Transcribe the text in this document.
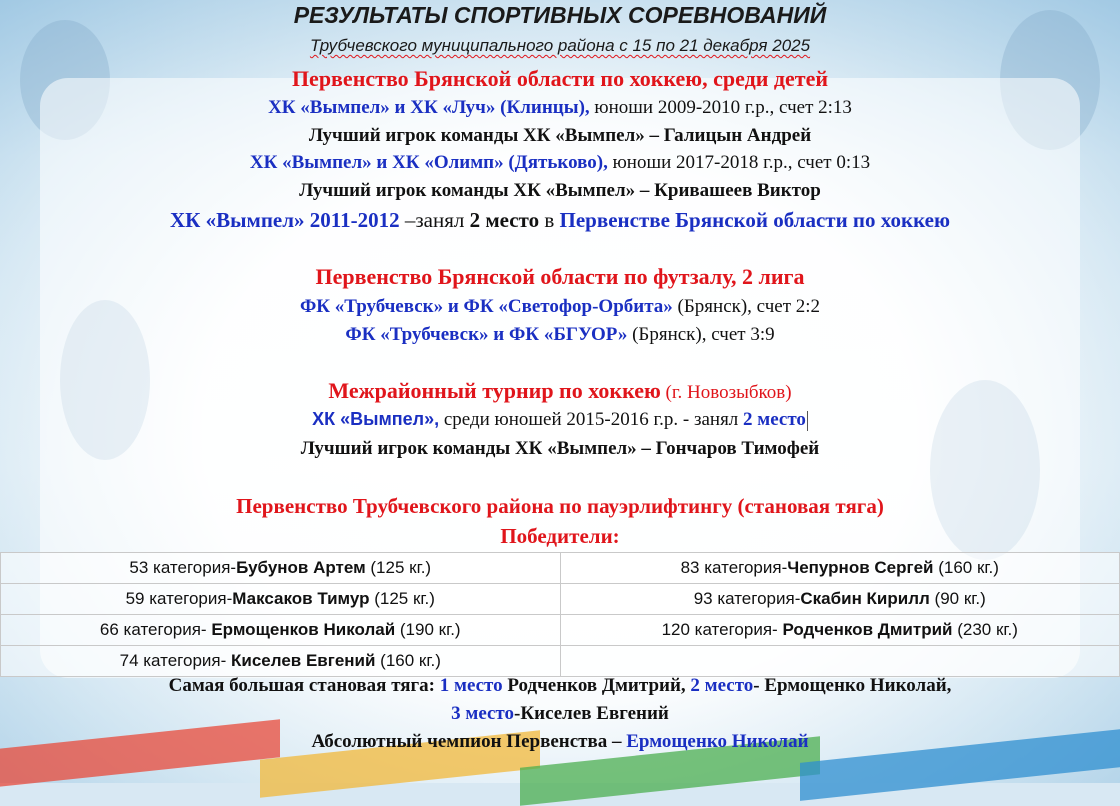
РЕЗУЛЬТАТЫ СПОРТИВНЫХ СОРЕВНОВАНИЙ
Трубчевского муниципального района с 15 по 21 декабря 2025
Первенство Брянской области по хоккею, среди детей
ХК «Вымпел» и ХК «Луч» (Клинцы), юноши 2009-2010 г.р., счет 2:13
Лучший игрок команды ХК «Вымпел» – Галицын Андрей
ХК «Вымпел» и ХК «Олимп» (Дятьково), юноши 2017-2018 г.р., счет 0:13
Лучший игрок команды ХК «Вымпел» – Кривашеев Виктор
ХК «Вымпел» 2011-2012 –занял 2 место в Первенстве Брянской области по хоккею
Первенство Брянской области по футзалу, 2 лига
ФК «Трубчевск» и ФК «Светофор-Орбита» (Брянск), счет 2:2
ФК «Трубчевск» и ФК «БГУОР» (Брянск), счет 3:9
Межрайонный турнир по хоккею (г. Новозыбков)
ХК «Вымпел», среди юношей 2015-2016 г.р. - занял 2 место
Лучший игрок команды ХК «Вымпел» – Гончаров Тимофей
Первенство Трубчевского района по пауэрлифтингу (становая тяга)
Победители:
53 категория-Бубунов Артем (125 кг.)	83 категория-Чепурнов Сергей (160 кг.)
59 категория-Максаков Тимур (125 кг.)	93 категория-Скабин Кирилл (90 кг.)
66 категория- Ермощенков Николай (190 кг.)	120 категория- Родченков Дмитрий (230 кг.)
74 категория- Киселев Евгений (160 кг.)	
Самая большая становая тяга: 1 место Родченков Дмитрий, 2 место- Ермощенко Николай,
3 место-Киселев Евгений
Абсолютный чемпион Первенства – Ермощенко Николай
